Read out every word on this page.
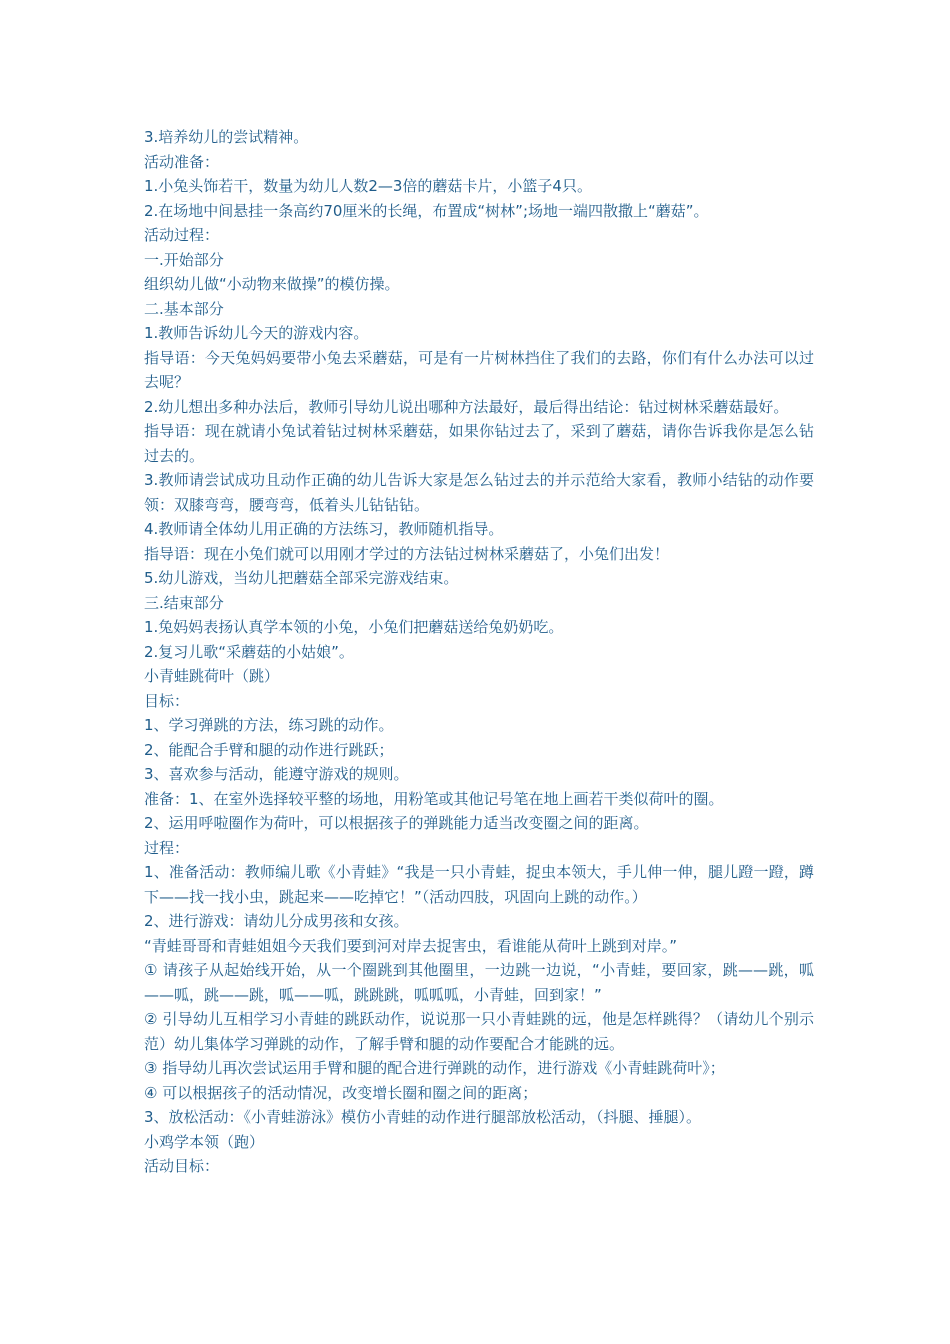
3.培养幼儿的尝试精神。
活动准备：
1.小兔头饰若干，数量为幼儿人数2—3倍的蘑菇卡片，小篮子4只。
2.在场地中间悬挂一条高约70厘米的长绳，布置成“树林”;场地一端四散撒上“蘑菇”。
活动过程：
一.开始部分
组织幼儿做“小动物来做操”的模仿操。
二.基本部分
1.教师告诉幼儿今天的游戏内容。
指导语：今天兔妈妈要带小兔去采蘑菇，可是有一片树林挡住了我们的去路，你们有什么办法可以过去呢？
2.幼儿想出多种办法后，教师引导幼儿说出哪种方法最好，最后得出结论：钻过树林采蘑菇最好。
指导语：现在就请小兔试着钻过树林采蘑菇，如果你钻过去了，采到了蘑菇，请你告诉我你是怎么钻过去的。
3.教师请尝试成功且动作正确的幼儿告诉大家是怎么钻过去的并示范给大家看，教师小结钻的动作要领：双膝弯弯，腰弯弯，低着头儿钻钻钻。
4.教师请全体幼儿用正确的方法练习，教师随机指导。
指导语：现在小兔们就可以用刚才学过的方法钻过树林采蘑菇了，小兔们出发！
5.幼儿游戏，当幼儿把蘑菇全部采完游戏结束。
三.结束部分
1.兔妈妈表扬认真学本领的小兔，小兔们把蘑菇送给兔奶奶吃。
2.复习儿歌“采蘑菇的小姑娘”。
小青蛙跳荷叶（跳）
目标：
1、学习弹跳的方法，练习跳的动作。
2、能配合手臂和腿的动作进行跳跃；
3、喜欢参与活动，能遵守游戏的规则。
准备：1、在室外选择较平整的场地，用粉笔或其他记号笔在地上画若干类似荷叶的圈。
2、运用呼啦圈作为荷叶，可以根据孩子的弹跳能力适当改变圈之间的距离。
过程：
1、准备活动：教师编儿歌《小青蛙》“我是一只小青蛙，捉虫本领大，手儿伸一伸，腿儿蹬一蹬，蹲下——找一找小虫，跳起来——吃掉它！”（活动四肢，巩固向上跳的动作。）
2、进行游戏：请幼儿分成男孩和女孩。
“青蛙哥哥和青蛙姐姐今天我们要到河对岸去捉害虫，看谁能从荷叶上跳到对岸。”
① 请孩子从起始线开始，从一个圈跳到其他圈里，一边跳一边说，“小青蛙，要回家，跳——跳，呱——呱，跳——跳，呱——呱，跳跳跳，呱呱呱，小青蛙，回到家！”
② 引导幼儿互相学习小青蛙的跳跃动作，说说那一只小青蛙跳的远，他是怎样跳得？（请幼儿个别示范）幼儿集体学习弹跳的动作，了解手臂和腿的动作要配合才能跳的远。
③ 指导幼儿再次尝试运用手臂和腿的配合进行弹跳的动作，进行游戏《小青蛙跳荷叶》；
④ 可以根据孩子的活动情况，改变增长圈和圈之间的距离；
3、放松活动：《小青蛙游泳》模仿小青蛙的动作进行腿部放松活动，（抖腿、捶腿）。
小鸡学本领（跑）
活动目标：
